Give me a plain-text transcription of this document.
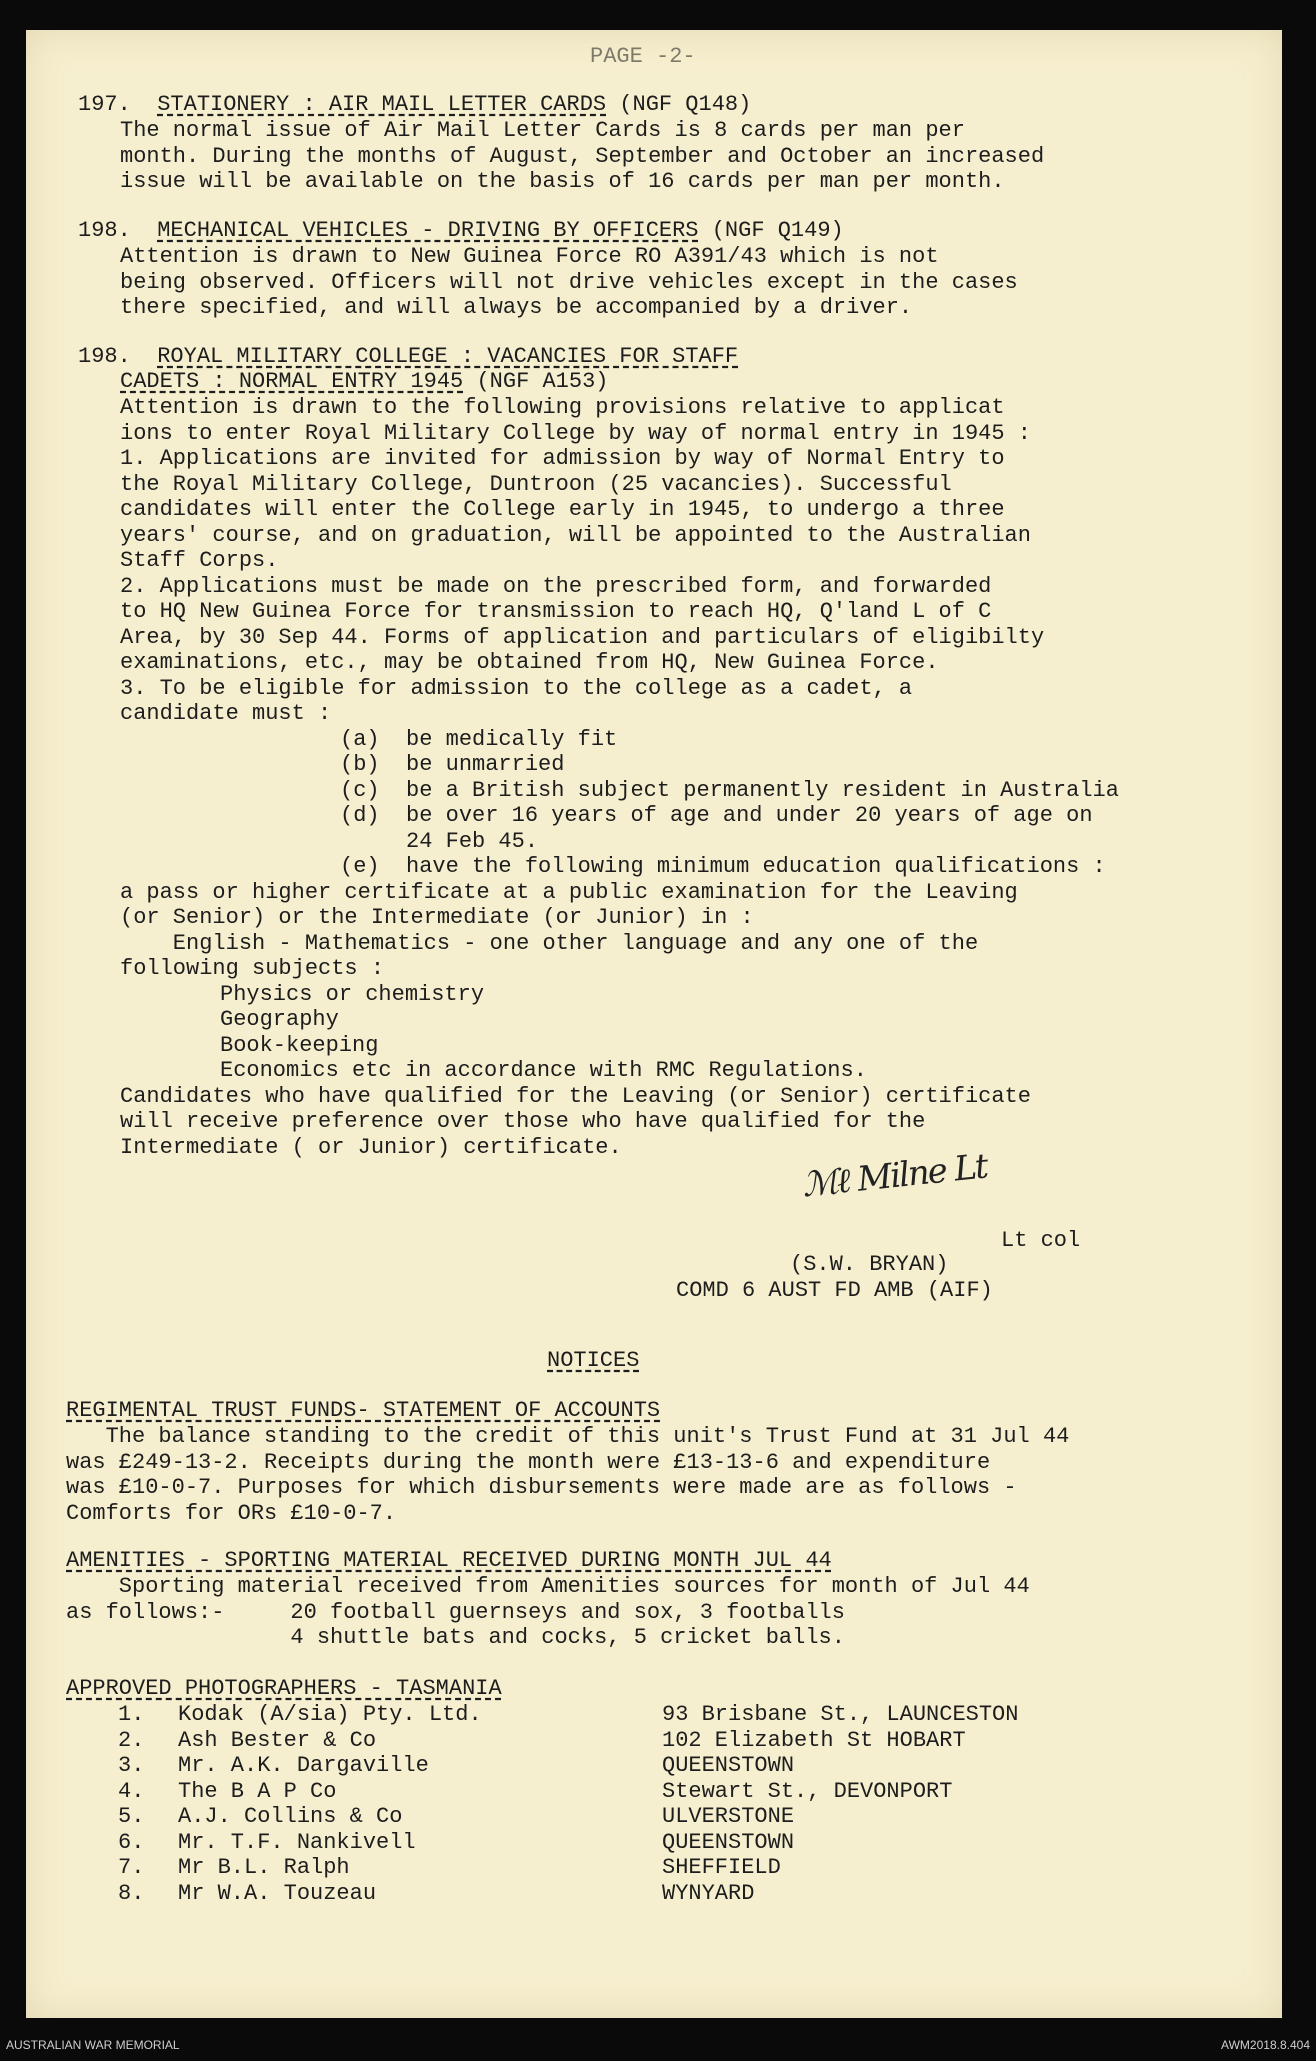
PAGE -2-
197. STATIONERY : AIR MAIL LETTER CARDS (NGF Q148)
The normal issue of Air Mail Letter Cards is 8 cards per man per
month. During the months of August, September and October an increased
issue will be available on the basis of 16 cards per man per month.
198. MECHANICAL VEHICLES - DRIVING BY OFFICERS (NGF Q149)
Attention is drawn to New Guinea Force RO A391/43 which is not
being observed. Officers will not drive vehicles except in the cases
there specified, and will always be accompanied by a driver.
198. ROYAL MILITARY COLLEGE : VACANCIES FOR STAFF
CADETS : NORMAL ENTRY 1945 (NGF A153)
Attention is drawn to the following provisions relative to applicat
ions to enter Royal Military College by way of normal entry in 1945 :
1. Applications are invited for admission by way of Normal Entry to
the Royal Military College, Duntroon (25 vacancies). Successful
candidates will enter the College early in 1945, to undergo a three
years' course, and on graduation, will be appointed to the Australian
Staff Corps.
2. Applications must be made on the prescribed form, and forwarded
to HQ New Guinea Force for transmission to reach HQ, Q'land L of C
Area, by 30 Sep 44. Forms of application and particulars of eligibilty
examinations, etc., may be obtained from HQ, New Guinea Force.
3. To be eligible for admission to the college as a cadet, a
candidate must :
(a)  be medically fit
(b)  be unmarried
(c)  be a British subject permanently resident in Australia
(d)  be over 16 years of age and under 20 years of age on
24 Feb 45.
(e)  have the following minimum education qualifications :
a pass or higher certificate at a public examination for the Leaving
(or Senior) or the Intermediate (or Junior) in :
English - Mathematics - one other language and any one of the
following subjects :
Physics or chemistry
Geography
Book-keeping
Economics etc in accordance with RMC Regulations.
Candidates who have qualified for the Leaving (or Senior) certificate
will receive preference over those who have qualified for the
Intermediate ( or Junior) certificate.
Lt col
(S.W. BRYAN)
COMD 6 AUST FD AMB (AIF)
NOTICES
REGIMENTAL TRUST FUNDS- STATEMENT OF ACCOUNTS
The balance standing to the credit of this unit's Trust Fund at 31 Jul 44
was £249-13-2. Receipts during the month were £13-13-6 and expenditure
was £10-0-7. Purposes for which disbursements were made are as follows -
Comforts for ORs £10-0-7.
AMENITIES - SPORTING MATERIAL RECEIVED DURING MONTH JUL 44
Sporting material received from Amenities sources for month of Jul 44
as follows:-     20 football guernseys and sox, 3 footballs
4 shuttle bats and cocks, 5 cricket balls.
APPROVED PHOTOGRAPHERS - TASMANIA
1. Kodak (A/sia) Pty. Ltd.	93 Brisbane St., LAUNCESTON
2. Ash Bester & Co	102 Elizabeth St HOBART
3. Mr. A.K. Dargaville	QUEENSTOWN
4. The B A P Co	Stewart St., DEVONPORT
5. A.J. Collins & Co	ULVERSTONE
6. Mr. T.F. Nankivell	QUEENSTOWN
7. Mr B.L. Ralph	SHEFFIELD
8. Mr W.A. Touzeau	WYNYARD
ℳℓ Milne Lt
AUSTRALIAN WAR MEMORIAL	AWM2018.8.404
